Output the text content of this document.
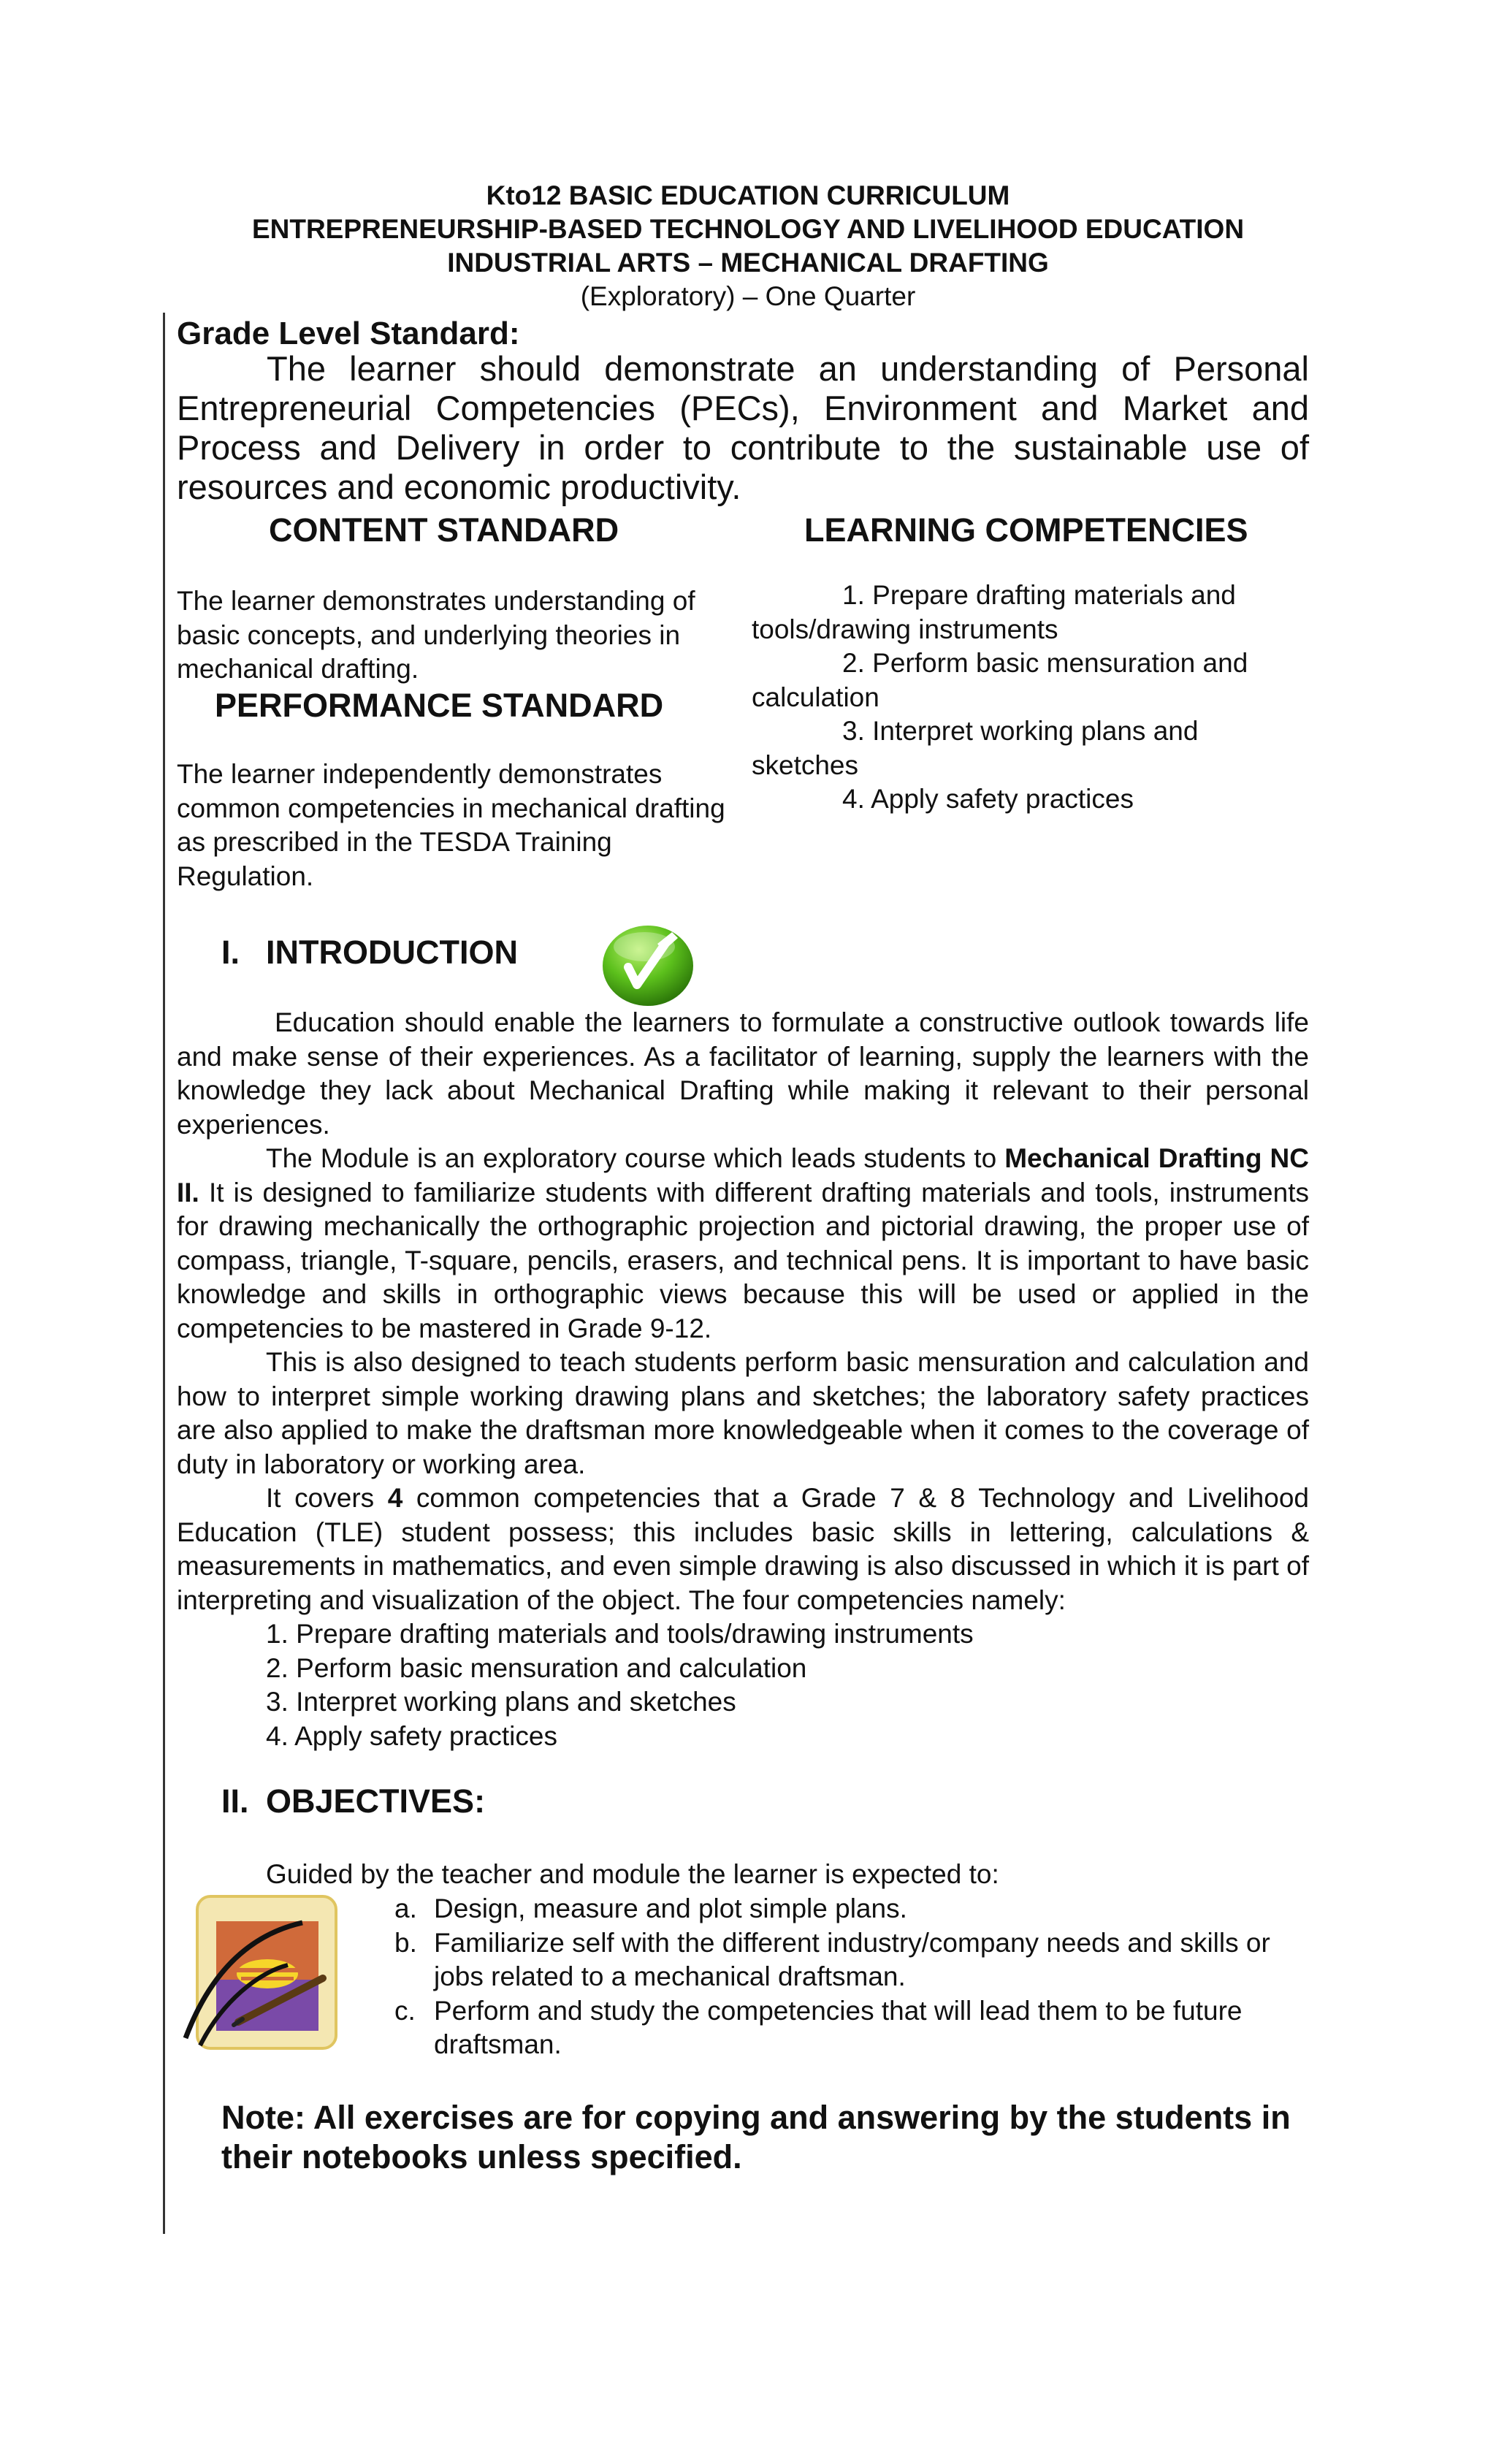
Kto12 BASIC EDUCATION CURRICULUM
ENTREPRENEURSHIP-BASED TECHNOLOGY AND LIVELIHOOD EDUCATION
INDUSTRIAL ARTS – MECHANICAL DRAFTING
(Exploratory) – One Quarter
Grade Level Standard:
The learner should demonstrate an understanding of Personal Entrepreneurial Competencies (PECs), Environment and Market and Process and Delivery in order to contribute to the sustainable use of resources and economic productivity.
CONTENT STANDARD
The learner demonstrates understanding of basic concepts, and underlying theories in mechanical drafting.
PERFORMANCE STANDARD
The learner independently demonstrates common competencies in mechanical drafting as prescribed in the TESDA Training Regulation.
LEARNING COMPETENCIES
1. Prepare drafting materials and tools/drawing instruments
2. Perform basic mensuration and calculation
3. Interpret working plans and sketches
4. Apply safety practices
I. INTRODUCTION

Education should enable the learners to formulate a constructive outlook towards life and make sense of their experiences. As a facilitator of learning, supply the learners with the knowledge they lack about Mechanical Drafting while making it relevant to their personal experiences.

The Module is an exploratory course which leads students to Mechanical Drafting NC II. It is designed to familiarize students with different drafting materials and tools, instruments for drawing mechanically the orthographic projection and pictorial drawing, the proper use of compass, triangle, T-square, pencils, erasers, and technical pens. It is important to have basic knowledge and skills in orthographic views because this will be used or applied in the competencies to be mastered in Grade 9-12.

This is also designed to teach students perform basic mensuration and calculation and how to interpret simple working drawing plans and sketches; the laboratory safety practices are also applied to make the draftsman more knowledgeable when it comes to the coverage of duty in laboratory or working area.

It covers 4 common competencies that a Grade 7 & 8 Technology and Livelihood Education (TLE) student possess; this includes basic skills in lettering, calculations & measurements in mathematics, and even simple drawing is also discussed in which it is part of interpreting and visualization of the object. The four competencies namely:

1. Prepare drafting materials and tools/drawing instruments
2. Perform basic mensuration and calculation
3. Interpret working plans and sketches
4. Apply safety practices
II. OBJECTIVES:
Guided by the teacher and module the learner is expected to:
a. Design, measure and plot simple plans.
b. Familiarize self with the different industry/company needs and skills or jobs related to a mechanical draftsman.
c. Perform and study the competencies that will lead them to be future draftsman.
Note: All exercises are for copying and answering by the students in their notebooks unless specified.
